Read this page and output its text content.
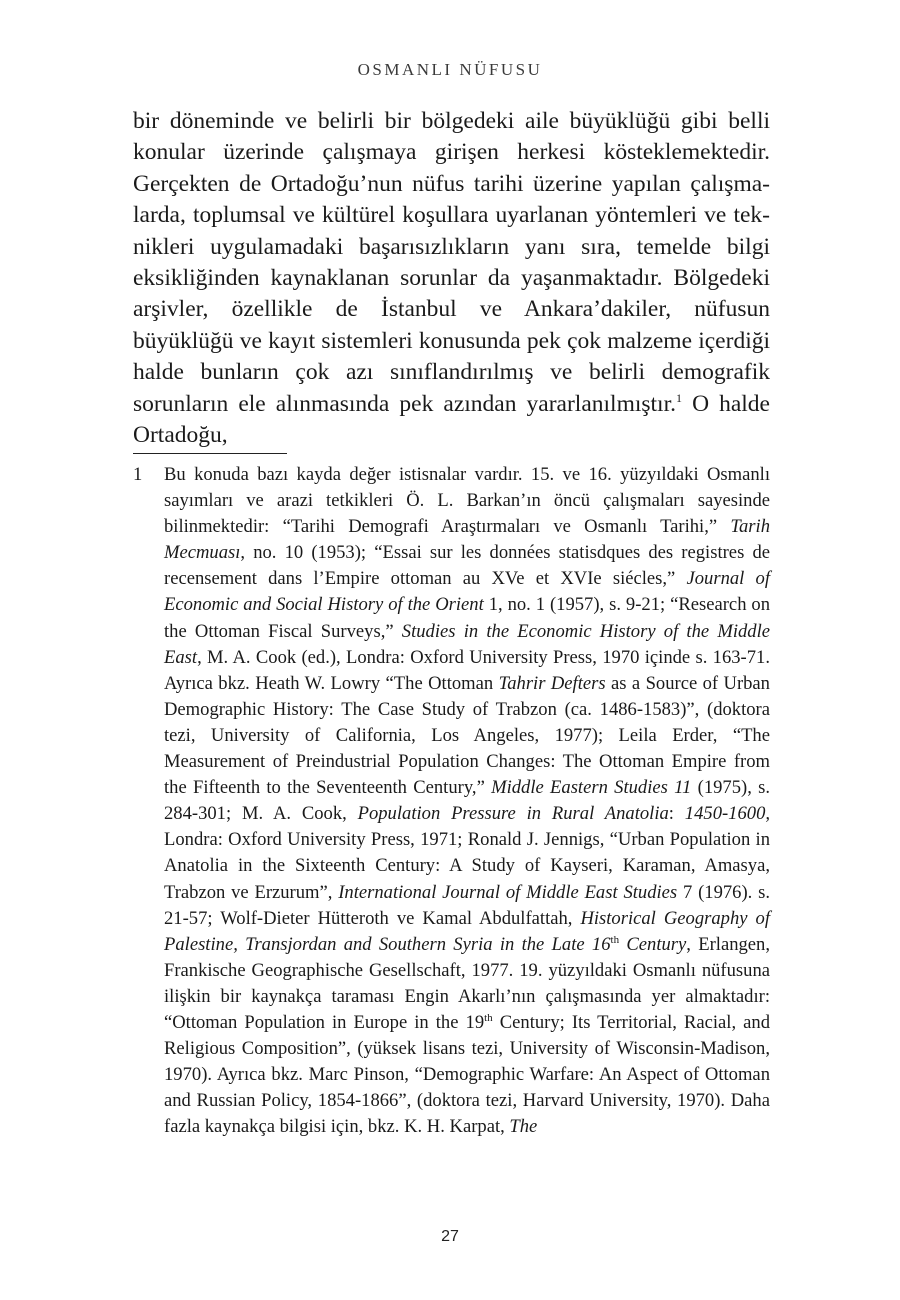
OSMANLI NÜFUSU

bir döneminde ve belirli bir bölgedeki aile büyüklüğü gibi belli konular üzerinde çalışmaya girişen herkesi kösteklemektedir. Gerçekten de Ortadoğu’nun nüfus tarihi üzerine yapılan çalışmalarda, toplumsal ve kültürel koşullara uyarlanan yöntemleri ve teknikleri uygulamadaki başarısızlıkların yanı sıra, temelde bilgi eksikliğinden kaynaklanan sorunlar da yaşanmaktadır. Bölgedeki arşivler, özellikle de İstanbul ve Ankara’dakiler, nüfusun büyüklüğü ve kayıt sistemleri konusunda pek çok malzeme içerdiği halde bunların çok azı sınıflandırılmış ve belirli demografik sorunların ele alınmasında pek azından yararlanılmıştır.$^1$ O halde Ortadoğu,

1	Bu konuda bazı kayda değer istisnalar vardır. 15. ve 16. yüzyıldaki Osmanlı sayımları ve arazi tetkikleri Ö. L. Barkan’ın öncü çalışmaları sayesinde bilinmektedir: “Tarihi Demografi Araştırmaları ve Osmanlı Tarihi,” Tarih Mecmuası, no. 10 (1953); “Essai sur les données statisdques des registres de recensement dans l’Empire ottoman au XVe et XVIe siécles,” Journal of Economic and Social History of the Orient 1, no. 1 (1957), s. 9-21; “Research on the Ottoman Fiscal Surveys,” Studies in the Economic History of the Middle East, M. A. Cook (ed.), Londra: Oxford University Press, 1970 içinde s. 163-71. Ayrıca bkz. Heath W. Lowry “The Ottoman Tahrir Defters as a Source of Urban Demographic History: The Case Study of Trabzon (ca. 1486-1583)”, (doktora tezi, University of California, Los Angeles, 1977); Leila Erder, “The Measurement of Preindustrial Population Changes: The Ottoman Empire from the Fifteenth to the Seventeenth Century,” Middle Eastern Studies 11 (1975), s. 284-301; M. A. Cook, Population Pressure in Rural Anatolia: 1450-1600, Londra: Oxford University Press, 1971; Ronald J. Jennigs, “Urban Population in Anatolia in the Sixteenth Century: A Study of Kayseri, Karaman, Amasya, Trabzon ve Erzurum”, International Journal of Middle East Studies 7 (1976). s. 21-57; Wolf-Dieter Hütteroth ve Kamal Abdulfattah, Historical Geography of Palestine, Transjordan and Southern Syria in the Late 16th Century, Erlangen, Frankische Geographische Gesellschaft, 1977. 19. yüzyıldaki Osmanlı nüfusuna ilişkin bir kaynakça taraması Engin Akarlı’nın çalışmasında yer almaktadır: “Ottoman Population in Europe in the 19th Century; Its Territorial, Racial, and Religious Composition”, (yüksek lisans tezi, University of Wisconsin-Madison, 1970). Ayrıca bkz. Marc Pinson, “Demographic Warfare: An Aspect of Ottoman and Russian Policy, 1854-1866”, (doktora tezi, Harvard University, 1970). Daha fazla kaynakça bilgisi için, bkz. K. H. Karpat, The
27
